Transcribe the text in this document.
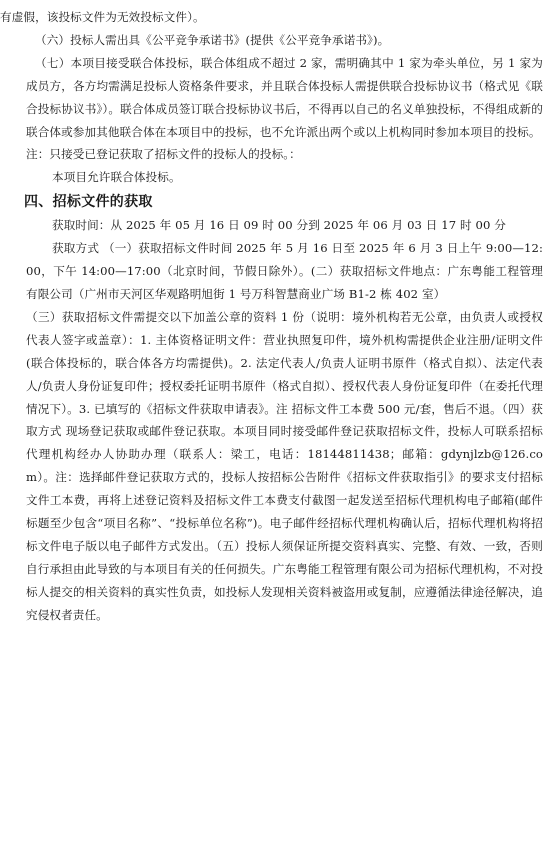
有虚假，该投标文件为无效投标文件）。

（六）投标人需出具《公平竞争承诺书》(提供《公平竞争承诺书》)。

（七）本项目接受联合体投标，联合体组成不超过 2 家，需明确其中 1 家为牵头单位，另 1 家为成员方，各方均需满足投标人资格条件要求，并且联合体投标人需提供联合投标协议书（格式见《联合投标协议书》）。联合体成员签订联合投标协议书后，不得再以自己的名义单独投标，不得组成新的联合体或参加其他联合体在本项目中的投标，也不允许派出两个或以上机构同时参加本项目的投标。

注：只接受已登记获取了招标文件的投标人的投标。：

本项目允许联合体投标。

四、招标文件的获取

获取时间：从 2025 年 05 月 16 日 09 时 00 分到 2025 年 06 月 03 日 17 时 00 分

获取方式 （一）获取招标文件时间 2025 年 5 月 16 日至 2025 年 6 月 3 日上午 9:00—12:00，下午 14:00—17:00（北京时间，节假日除外）。(二）获取招标文件地点：广东粤能工程管理有限公司（广州市天河区华观路明旭街 1 号万科智慧商业广场 B1-2 栋 402 室）

（三）获取招标文件需提交以下加盖公章的资料 1 份（说明：境外机构若无公章，由负责人或授权代表人签字或盖章）：1. 主体资格证明文件：营业执照复印件，境外机构需提供企业注册/证明文件(联合体投标的，联合体各方均需提供)。2. 法定代表人/负责人证明书原件（格式自拟）、法定代表人/负责人身份证复印件；授权委托证明书原件（格式自拟）、授权代表人身份证复印件（在委托代理情况下）。3. 已填写的《招标文件获取申请表》。注 招标文件工本费 500 元/套，售后不退。（四）获取方式 现场登记获取或邮件登记获取。本项目同时接受邮件登记获取招标文件，投标人可联系招标代理机构经办人协助办理（联系人：梁工，电话：18144811438；邮箱：gdynjlzb@126.com）。注：选择邮件登记获取方式的，投标人按招标公告附件《招标文件获取指引》的要求支付招标文件工本费，再将上述登记资料及招标文件工本费支付截图一起发送至招标代理机构电子邮箱(邮件标题至少包含“项目名称”、“投标单位名称”)。电子邮件经招标代理机构确认后，招标代理机构将招标文件电子版以电子邮件方式发出。（五）投标人须保证所提交资料真实、完整、有效、一致，否则自行承担由此导致的与本项目有关的任何损失。广东粤能工程管理有限公司为招标代理机构，不对投标人提交的相关资料的真实性负责，如投标人发现相关资料被盗用或复制，应遵循法律途径解决，追究侵权者责任。
